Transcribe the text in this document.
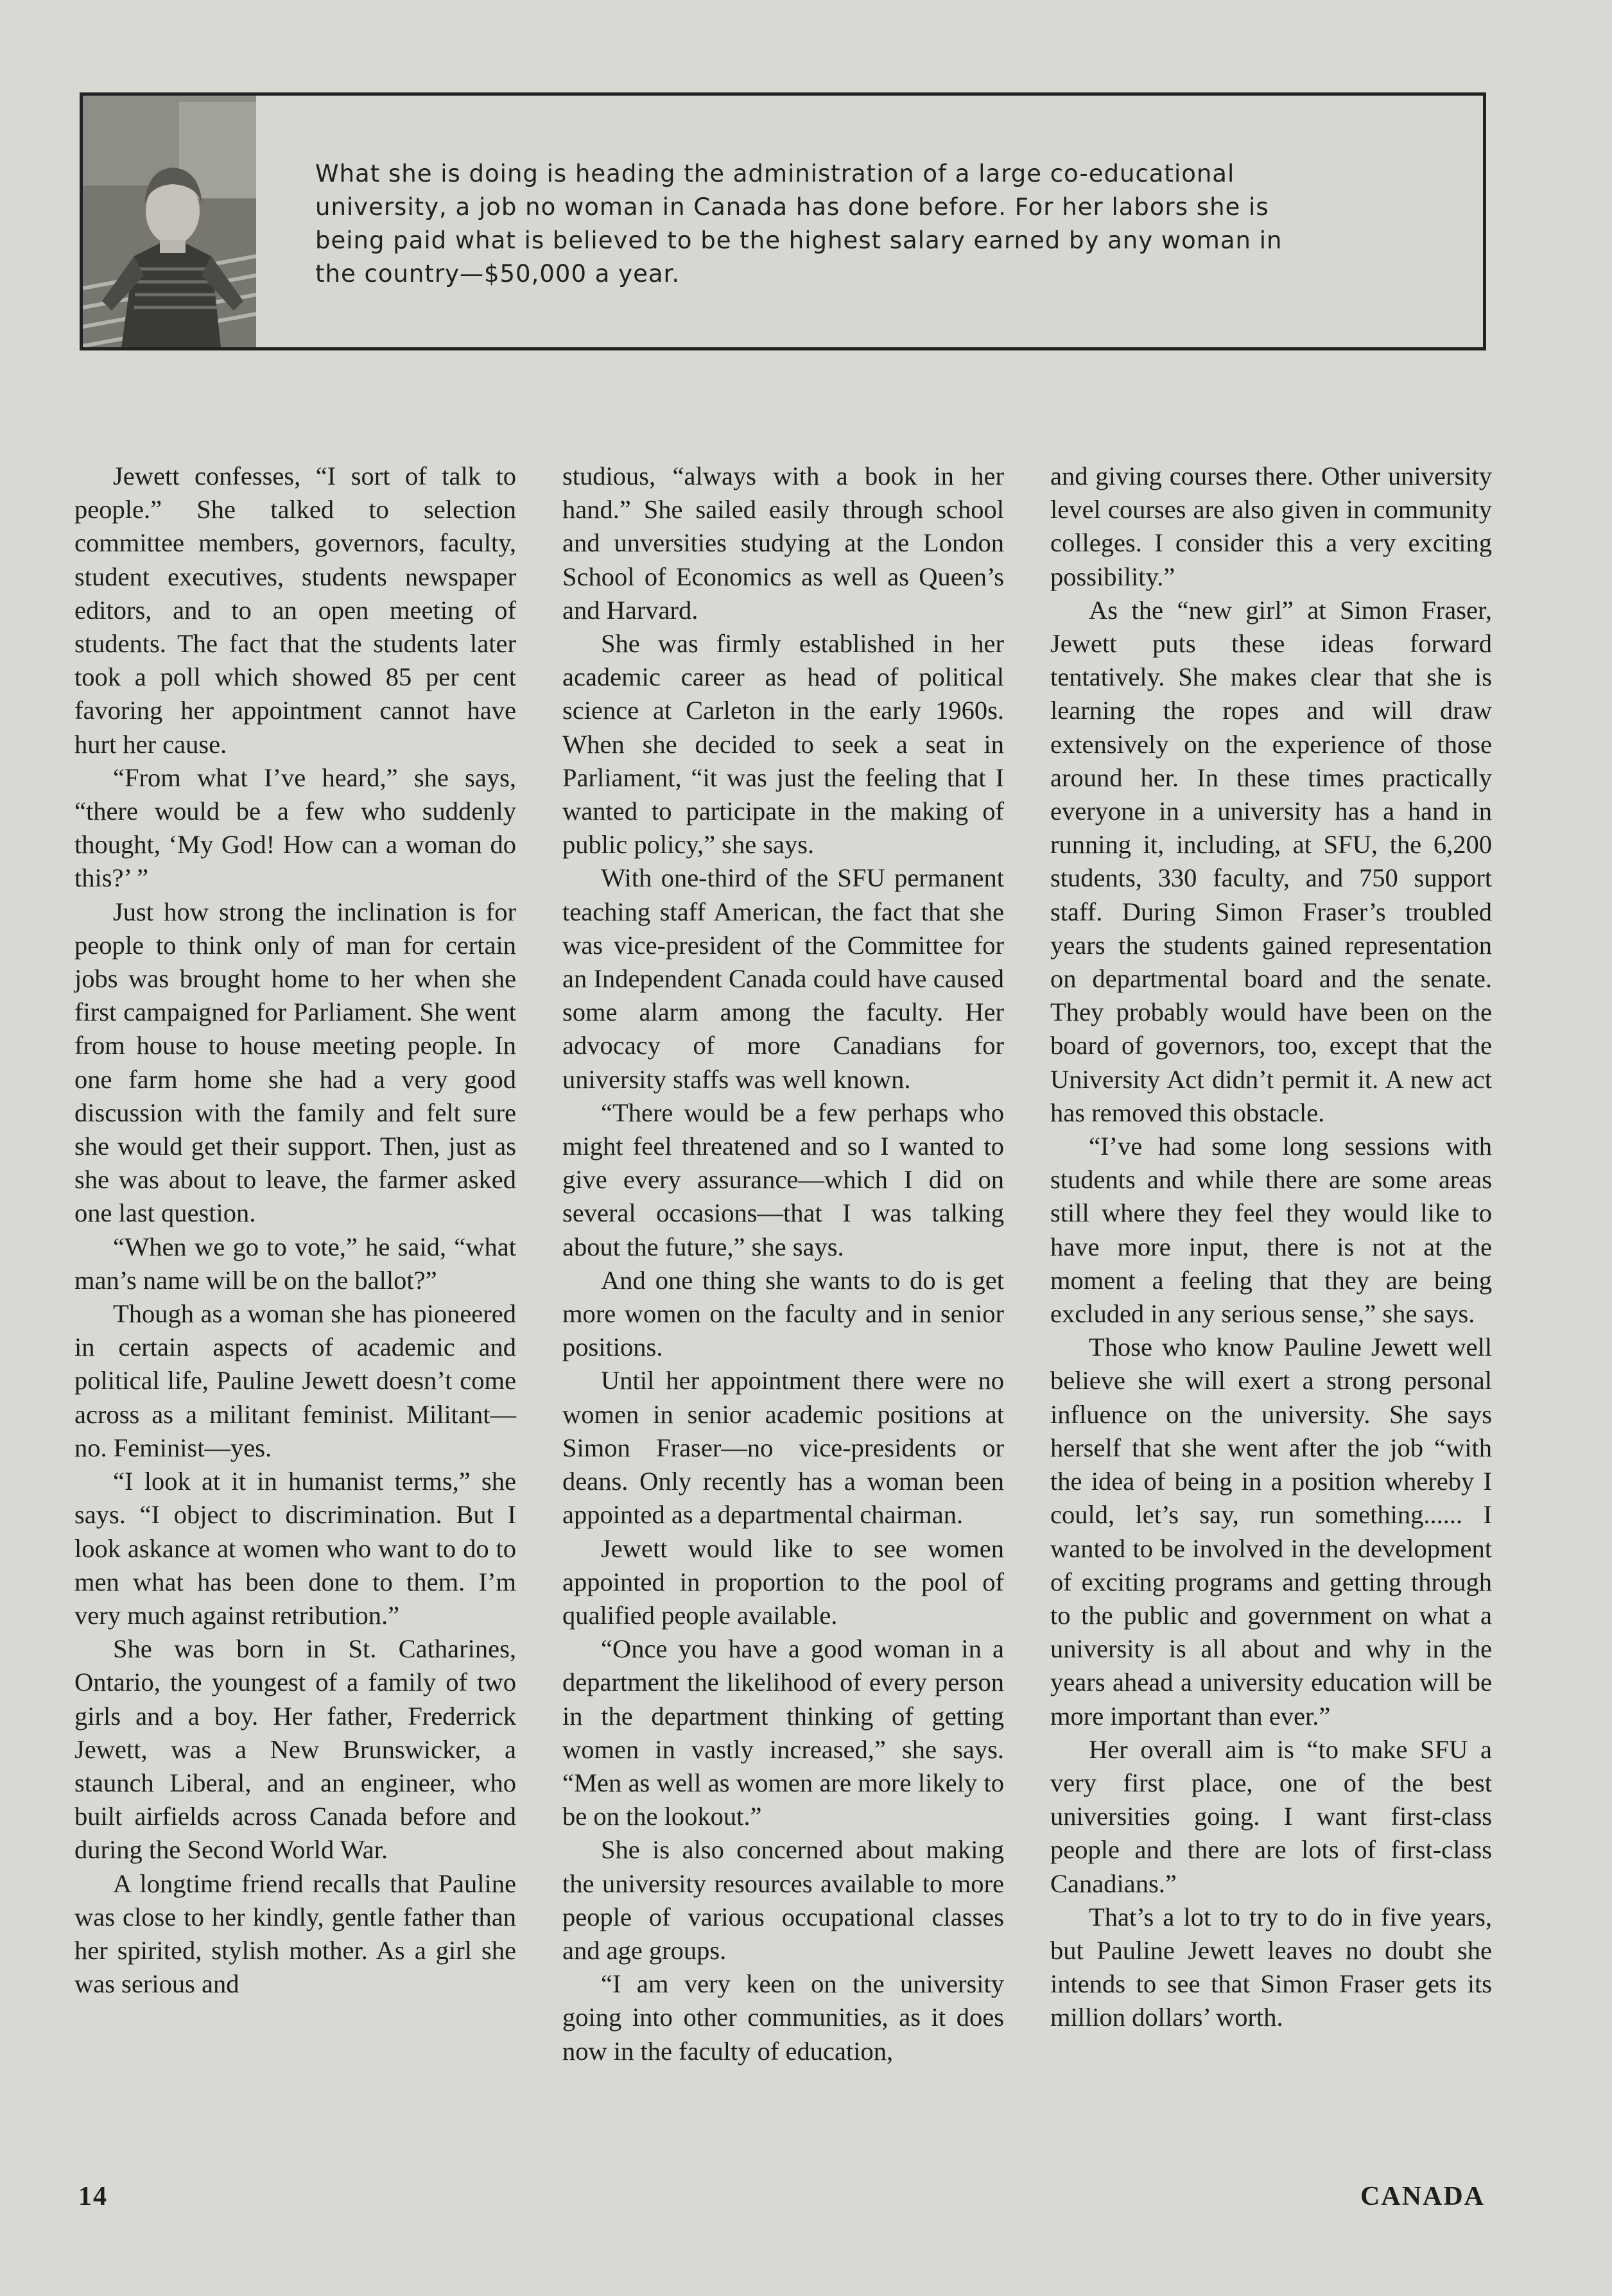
What she is doing is heading the administration of a large co-educational university, a job no woman in Canada has done before. For her labors she is being paid what is believed to be the highest salary earned by any woman in the country—$50,000 a year.

Jewett confesses, “I sort of talk to people.” She talked to selection committee members, governors, faculty, student executives, students newspaper editors, and to an open meeting of students. The fact that the students later took a poll which showed 85 per cent favoring her appointment cannot have hurt her cause.

“From what I’ve heard,” she says, “there would be a few who suddenly thought, ‘My God! How can a woman do this?’ ”

Just how strong the inclination is for people to think only of man for certain jobs was brought home to her when she first campaigned for Parliament. She went from house to house meeting people. In one farm home she had a very good discussion with the family and felt sure she would get their support. Then, just as she was about to leave, the farmer asked one last question.

“When we go to vote,” he said, “what man’s name will be on the ballot?”

Though as a woman she has pioneered in certain aspects of academic and political life, Pauline Jewett doesn’t come across as a militant feminist. Militant—no. Feminist—yes.

“I look at it in humanist terms,” she says. “I object to discrimination. But I look askance at women who want to do to men what has been done to them. I’m very much against retribution.”

She was born in St. Catharines, Ontario, the youngest of a family of two girls and a boy. Her father, Frederrick Jewett, was a New Brunswicker, a staunch Liberal, and an engineer, who built airfields across Canada before and during the Second World War.

A longtime friend recalls that Pauline was close to her kindly, gentle father than her spirited, stylish mother. As a girl she was serious and

studious, “always with a book in her hand.” She sailed easily through school and unversities studying at the London School of Economics as well as Queen’s and Harvard.

She was firmly established in her academic career as head of political science at Carleton in the early 1960s. When she decided to seek a seat in Parliament, “it was just the feeling that I wanted to participate in the making of public policy,” she says.

With one-third of the SFU permanent teaching staff American, the fact that she was vice-president of the Committee for an Independent Canada could have caused some alarm among the faculty. Her advocacy of more Canadians for university staffs was well known.

“There would be a few perhaps who might feel threatened and so I wanted to give every assurance—which I did on several occasions—that I was talking about the future,” she says.

And one thing she wants to do is get more women on the faculty and in senior positions.

Until her appointment there were no women in senior academic positions at Simon Fraser—no vice-presidents or deans. Only recently has a woman been appointed as a departmental chairman.

Jewett would like to see women appointed in proportion to the pool of qualified people available.

“Once you have a good woman in a department the likelihood of every person in the department thinking of getting women in vastly increased,” she says. “Men as well as women are more likely to be on the lookout.”

She is also concerned about making the university resources available to more people of various occupational classes and age groups.

“I am very keen on the university going into other communities, as it does now in the faculty of education,

and giving courses there. Other university level courses are also given in community colleges. I consider this a very exciting possibility.”

As the “new girl” at Simon Fraser, Jewett puts these ideas forward tentatively. She makes clear that she is learning the ropes and will draw extensively on the experience of those around her. In these times practically everyone in a university has a hand in running it, including, at SFU, the 6,200 students, 330 faculty, and 750 support staff. During Simon Fraser’s troubled years the students gained representation on departmental board and the senate. They probably would have been on the board of governors, too, except that the University Act didn’t permit it. A new act has removed this obstacle.

“I’ve had some long sessions with students and while there are some areas still where they feel they would like to have more input, there is not at the moment a feeling that they are being excluded in any serious sense,” she says.

Those who know Pauline Jewett well believe she will exert a strong personal influence on the university. She says herself that she went after the job “with the idea of being in a position whereby I could, let’s say, run something...... I wanted to be involved in the development of exciting programs and getting through to the public and government on what a university is all about and why in the years ahead a university education will be more important than ever.”

Her overall aim is “to make SFU a very first place, one of the best universities going. I want first-class people and there are lots of first-class Canadians.”

That’s a lot to try to do in five years, but Pauline Jewett leaves no doubt she intends to see that Simon Fraser gets its million dollars’ worth.

14	CANADA
